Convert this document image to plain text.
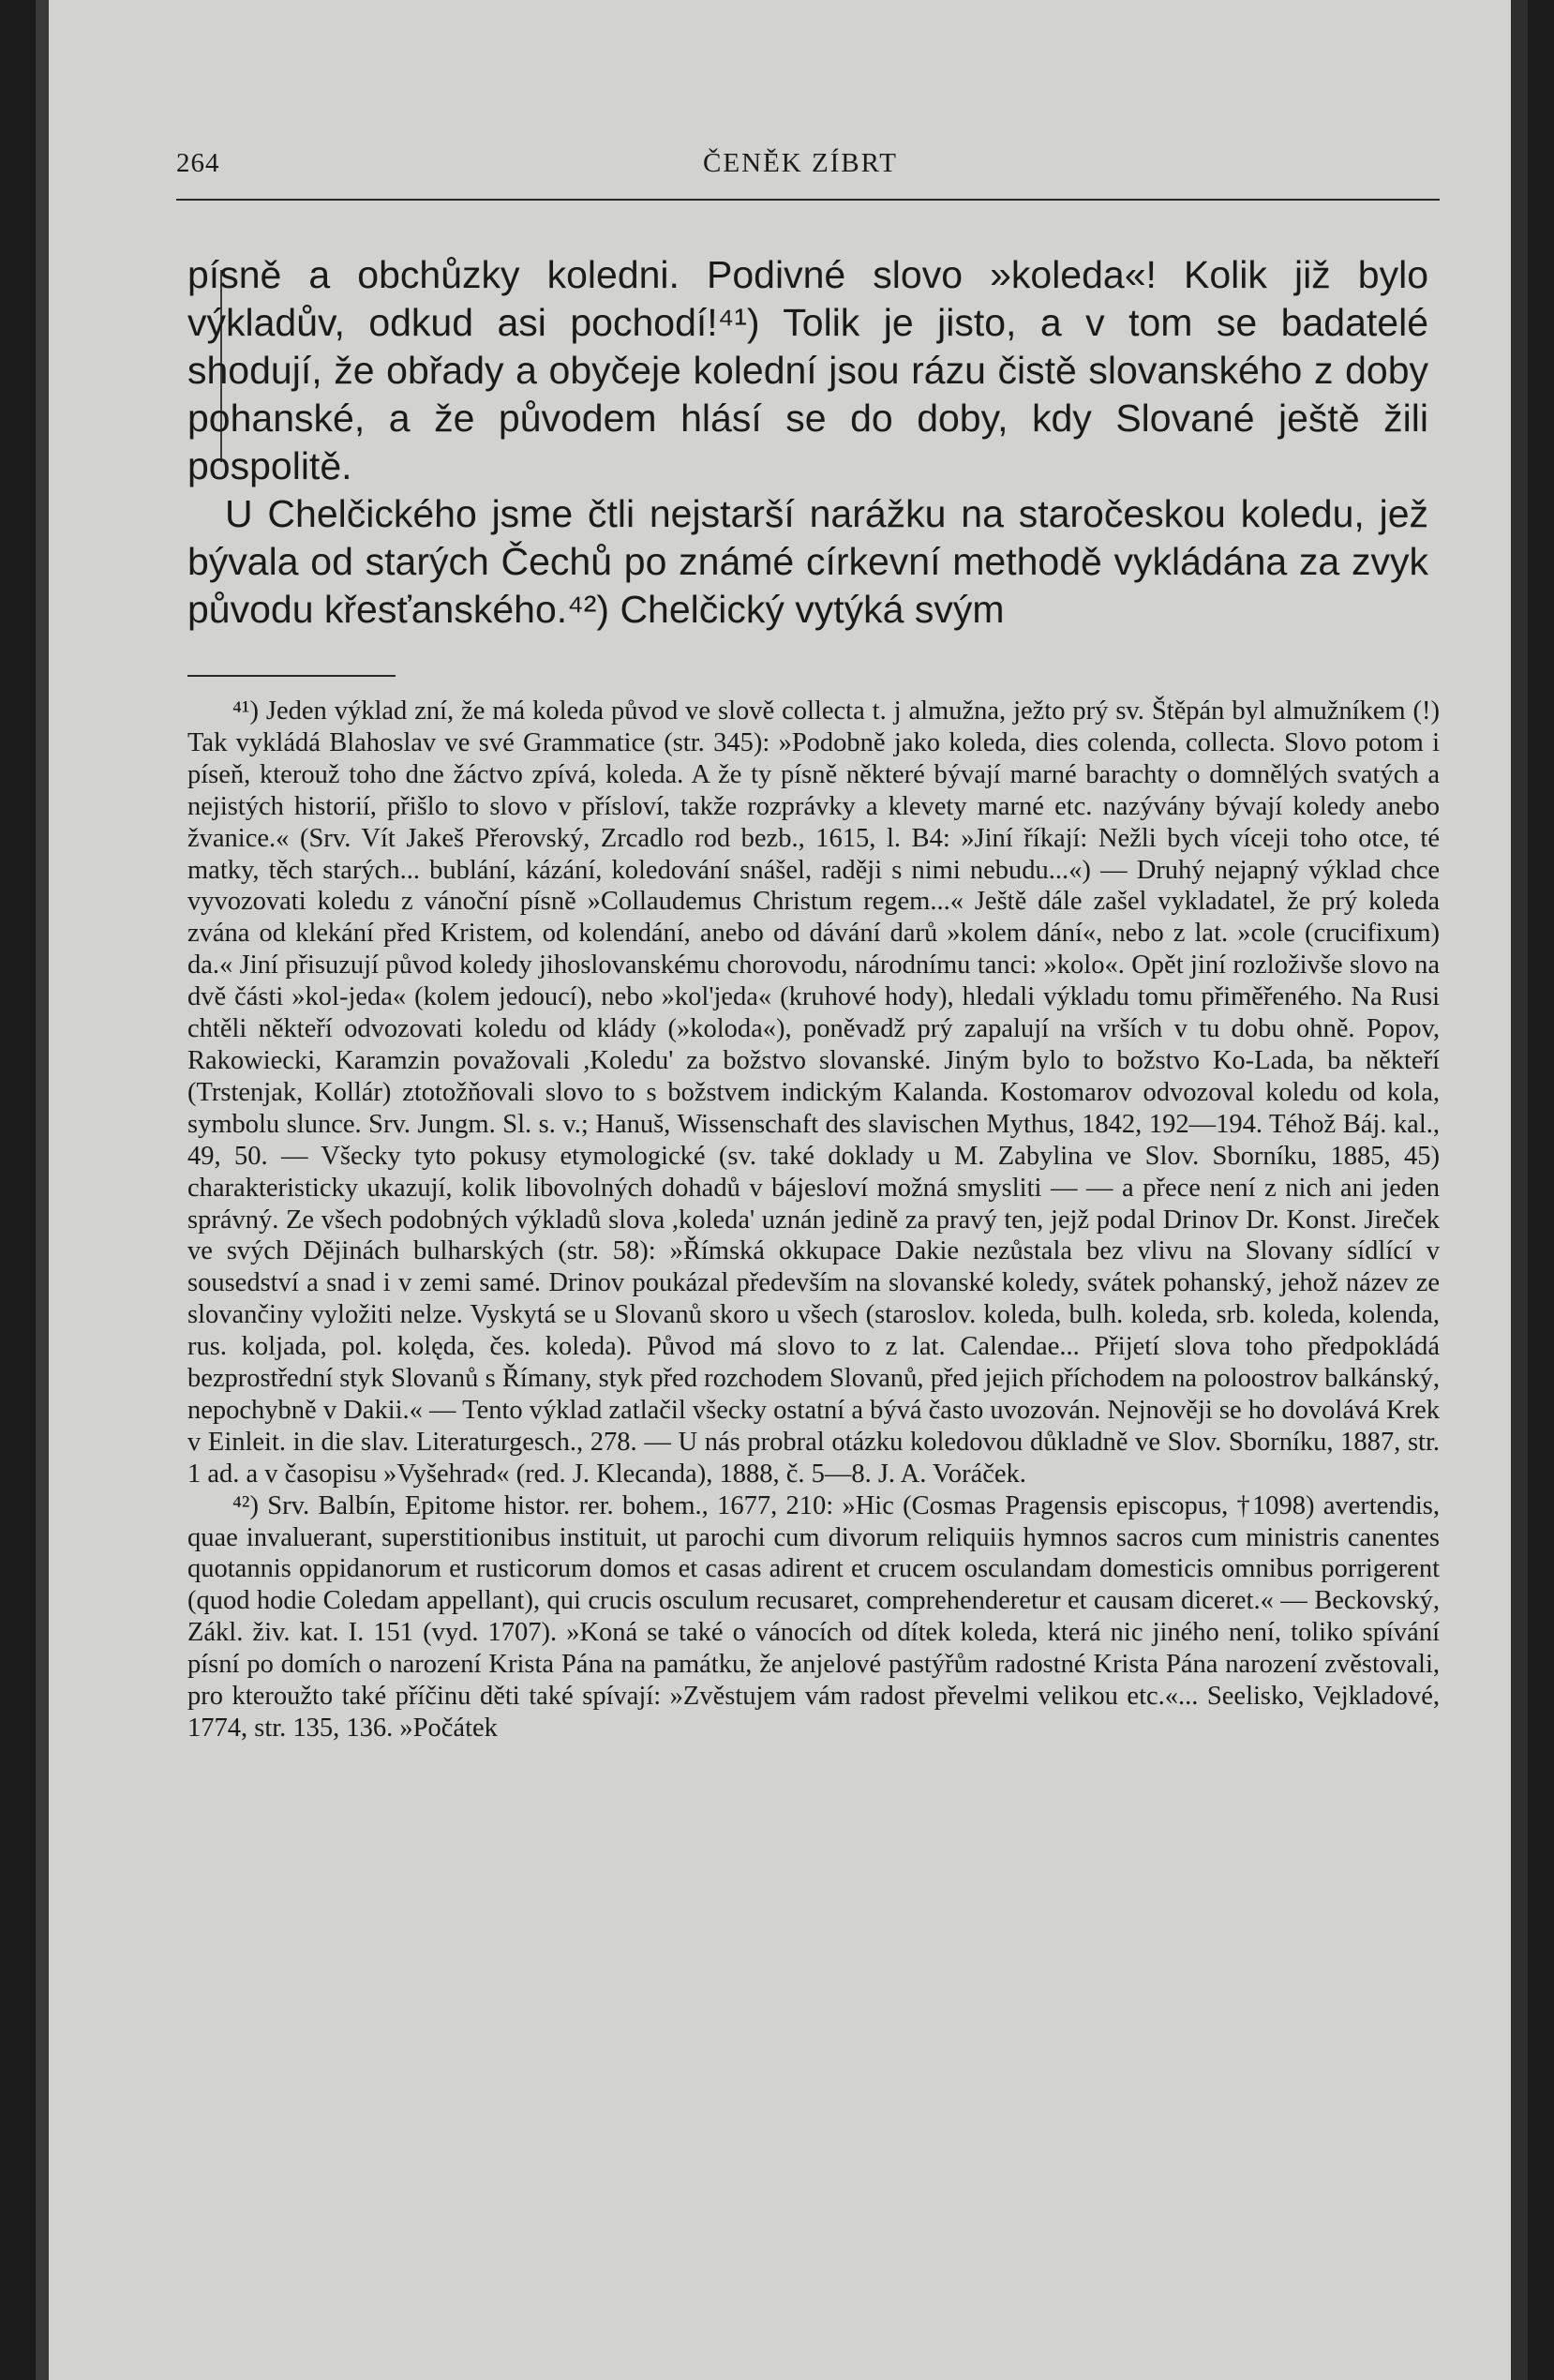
264	ČENĚK ZÍBRT

písně a obchůzky koledni. Podivné slovo »koleda«! Kolik již bylo výkladův, odkud asi pochodí!⁴¹) Tolik je jisto, a v tom se badatelé shodují, že obřady a obyčeje kolední jsou rázu čistě slovanského z doby pohanské, a že původem hlásí se do doby, kdy Slované ještě žili pospolitě.

U Chelčického jsme čtli nejstarší narážku na staročeskou koledu, jež bývala od starých Čechů po známé církevní methodě vykládána za zvyk původu křesťanského.⁴²) Chelčický vytýká svým

⁴¹) Jeden výklad zní, že má koleda původ ve slově collecta t. j almužna, ježto prý sv. Štěpán byl almužníkem (!) Tak vykládá Blahoslav ve své Grammatice (str. 345): »Podobně jako koleda, dies colenda, collecta. Slovo potom i píseň, kterouž toho dne žáctvo zpívá, koleda. A že ty písně některé bývají marné barachty o domnělých svatých a nejistých historií, přišlo to slovo v přísloví, takže rozprávky a klevety marné etc. nazývány bývají koledy anebo žvanice.« (Srv. Vít Jakeš Přerovský, Zrcadlo rod bezb., 1615, l. B4: »Jiní říkají: Nežli bych víceji toho otce, té matky, těch starých... bublání, kázání, koledování snášel, raději s nimi nebudu...«) — Druhý nejapný výklad chce vyvozovati koledu z vánoční písně »Collaudemus Christum regem...« Ještě dále zašel vykladatel, že prý koleda zvána od klekání před Kristem, od kolendání, anebo od dávání darů »kolem dání«, nebo z lat. »cole (crucifixum) da.« Jiní přisuzují původ koledy jihoslovanskému chorovodu, národnímu tanci: »kolo«. Opět jiní rozloživše slovo na dvě části »kol-jeda« (kolem jedoucí), nebo »kol'jeda« (kruhové hody), hledali výkladu tomu přiměřeného. Na Rusi chtěli někteří odvozovati koledu od klády (»koloda«), poněvadž prý zapalují na vrších v tu dobu ohně. Popov, Rakowiecki, Karamzin považovali ,Koledu' za božstvo slovanské. Jiným bylo to božstvo Ko-Lada, ba někteří (Trstenjak, Kollár) ztotožňovali slovo to s božstvem indickým Kalanda. Kostomarov odvozoval koledu od kola, symbolu slunce. Srv. Jungm. Sl. s. v.; Hanuš, Wissenschaft des slavischen Mythus, 1842, 192—194. Téhož Báj. kal., 49, 50. — Všecky tyto pokusy etymologické (sv. také doklady u M. Zabylina ve Slov. Sborníku, 1885, 45) charakteristicky ukazují, kolik libovolných dohadů v bájesloví možná smysliti — — a přece není z nich ani jeden správný. Ze všech podobných výkladů slova ,koleda' uznán jedině za pravý ten, jejž podal Drinov Dr. Konst. Jireček ve svých Dějinách bulharských (str. 58): »Římská okkupace Dakie nezůstala bez vlivu na Slovany sídlící v sousedství a snad i v zemi samé. Drinov poukázal především na slovanské koledy, svátek pohanský, jehož název ze slovančiny vyložiti nelze. Vyskytá se u Slovanů skoro u všech (staroslov. koleda, bulh. koleda, srb. koleda, kolenda, rus. koljada, pol. kolęda, čes. koleda). Původ má slovo to z lat. Calendae... Přijetí slova toho předpokládá bezprostřední styk Slovanů s Římany, styk před rozchodem Slovanů, před jejich příchodem na poloostrov balkánský, nepochybně v Dakii.« — Tento výklad zatlačil všecky ostatní a bývá často uvozován. Nejnověji se ho dovolává Krek v Einleit. in die slav. Literaturgesch., 278. — U nás probral otázku koledovou důkladně ve Slov. Sborníku, 1887, str. 1 ad. a v časopisu »Vyšehrad« (red. J. Klecanda), 1888, č. 5—8. J. A. Voráček.

⁴²) Srv. Balbín, Epitome histor. rer. bohem., 1677, 210: »Hic (Cosmas Pragensis episcopus, †1098) avertendis, quae invaluerant, superstitionibus instituit, ut parochi cum divorum reliquiis hymnos sacros cum ministris canentes quotannis oppidanorum et rusticorum domos et casas adirent et crucem osculandam domesticis omnibus porrigerent (quod hodie Coledam appellant), qui crucis osculum recusaret, comprehenderetur et causam diceret.« — Beckovský, Zákl. živ. kat. I. 151 (vyd. 1707). »Koná se také o vánocích od dítek koleda, která nic jiného není, toliko spívání písní po domích o narození Krista Pána na památku, že anjelové pastýřům radostné Krista Pána narození zvěstovali, pro kteroužto také příčinu děti také spívají: »Zvěstujem vám radost převelmi velikou etc.«... Seelisko, Vejkladové, 1774, str. 135, 136. »Počátek
